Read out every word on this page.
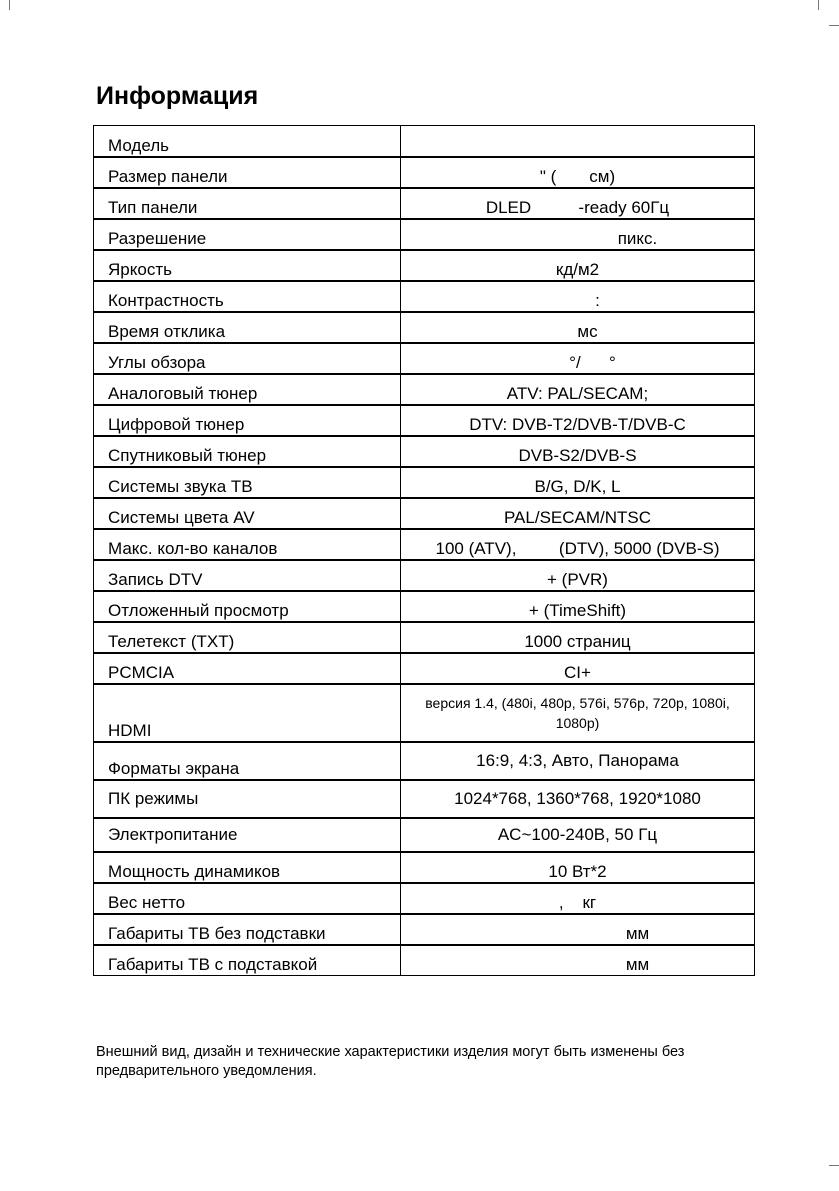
Информация
Модель	
Размер панели	" (       см)
Тип панели	DLED          -ready 60Гц
Разрешение	пикс.
Яркость	кд/м2
Контрастность	:
Время отклика	мс
Углы обзора	°/      °
Аналоговый тюнер	ATV: PAL/SECAM;
Цифровой тюнер	DTV: DVB-T2/DVB-T/DVB-C
Спутниковый тюнер	DVB-S2/DVB-S
Системы звука ТВ	B/G, D/K, L
Системы цвета AV	PAL/SECAM/NTSC
Макс. кол-во каналов	100 (ATV),         (DTV), 5000 (DVB-S)
Запись DTV	+ (PVR)
Отложенный просмотр	+ (TimeShift)
Телетекст (TXT)	1000 страниц
PCMCIA	CI+
HDMI	версия 1.4, (480i, 480p, 576i, 576p, 720p, 1080i, 1080p)
Форматы экрана	16:9, 4:3, Авто, Панорама
ПК режимы	1024*768, 1360*768, 1920*1080
Электропитание	AC~100-240В, 50 Гц
Мощность динамиков	10 Вт*2
Вес нетто	,    кг
Габариты ТВ без подставки	мм
Габариты ТВ с подставкой	мм

Внешний вид, дизайн и технические характеристики изделия могут быть изменены без предварительного уведомления.
